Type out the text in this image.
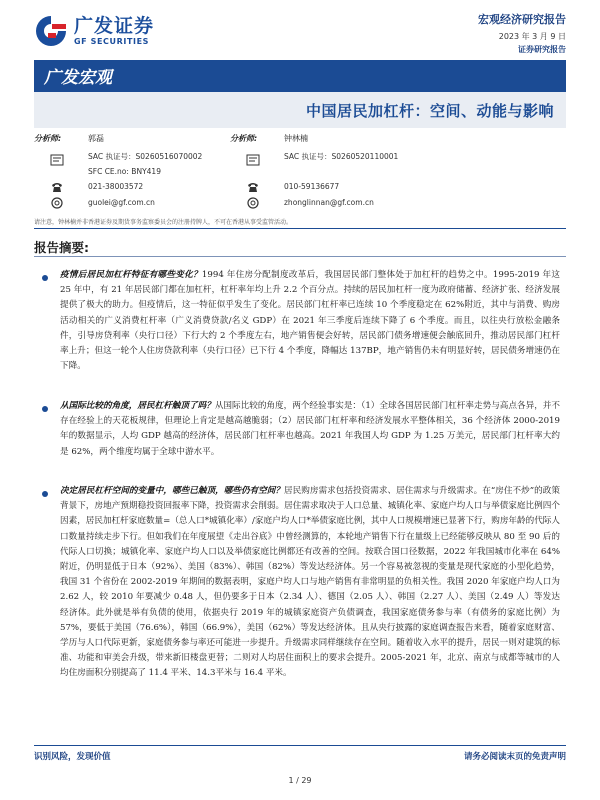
广发证券
GF SECURITIES
宏观经济研究报告
2023 年 3 月 9 日
证券研究报告
广发宏观
中国居民加杠杆：空间、动能与影响
分析师:	郭磊
SAC 执证号：S0260516070002
SFC CE.no: BNY419
021-38003572
guolei@gf.com.cn
分析师:	钟林楠
SAC 执证号：S0260520110001
010-59136677
zhonglinnan@gf.com.cn
请注意，钟林楠并非香港证券及期货事务监察委员会的注册持牌人，不可在香港从事受监管活动。
报告摘要:
疫情后居民加杠杆特征有哪些变化？1994 年住房分配制度改革后，我国居民部门整体处于加杠杆的趋势之中。1995-2019 年这 25 年中，有 21 年居民部门都在加杠杆，杠杆率年均上升 2.2 个百分点。持续的居民加杠杆一度为政府储蓄、经济扩张、经济发展提供了极大的助力。但疫情后，这一特征似乎发生了变化。居民部门杠杆率已连续 10 个季度稳定在 62%附近，其中与消费、购房活动相关的广义消费杠杆率（广义消费贷款/名义 GDP）在 2021 年三季度后连续下降了 6 个季度。而且，以往央行放松金融条件，引导房贷利率（央行口径）下行大约 2 个季度左右，地产销售便会好转，居民部门债务增速便会触底回升，推动居民部门杠杆率上升；但这一轮个人住房贷款利率（央行口径）已下行 4 个季度，降幅达 137BP，地产销售仍未有明显好转，居民债务增速仍在下降。
从国际比较的角度，居民杠杆触顶了吗？从国际比较的角度，两个经验事实是：（1）全球各国居民部门杠杆率走势与高点各异，并不存在经验上的天花板规律，但理论上肯定是越高越脆弱；（2）居民部门杠杆率和经济发展水平整体相关，36 个经济体 2000-2019 年的数据显示，人均 GDP 越高的经济体，居民部门杠杆率也越高。2021 年我国人均 GDP 为 1.25 万美元，居民部门杠杆率大约是 62%，两个维度均属于全球中游水平。
决定居民杠杆空间的变量中，哪些已触顶，哪些仍有空间？居民购房需求包括投资需求、居住需求与升级需求。在“房住不炒”的政策背景下，房地产预期稳投资回报率下降，投资需求会削弱。居住需求取决于人口总量、城镇化率、家庭户均人口与举债家庭比例四个因素，居民加杠杆家庭数量=（总人口*城镇化率）/家庭户均人口*举债家庭比例，其中人口规模增速已显著下行，购房年龄的代际人口数量持续走步下行。但如我们在年度展望《走出谷底》中曾经测算的，本轮地产销售下行在量级上已经能够反映从 80 至 90 后的代际人口切换；城镇化率、家庭户均人口以及举债家庭比例都还有改善的空间。按联合国口径数据，2022 年我国城市化率在 64%附近，仍明显低于日本（92%）、美国（83%）、韩国（82%）等发达经济体。另一个容易被忽视的变量是现代家庭的小型化趋势，我国 31 个省份在 2002-2019 年期间的数据表明，家庭户均人口与地产销售有非常明显的负相关性。我国 2020 年家庭户均人口为 2.62 人，较 2010 年要减少 0.48 人，但仍要多于日本（2.34 人）、德国（2.05 人）、韩国（2.27 人）、美国（2.49 人）等发达经济体。此外就是举有负债的使用，依据央行 2019 年的城镇家庭资产负债调查，我国家庭债务参与率（有债务的家庭比例）为 57%，要低于美国（76.6%），韩国（66.9%），美国（62%）等发达经济体。且从央行披露的家庭调查报告来看，随着家庭财富、学历与人口代际更新，家庭债务参与率还可能进一步提升。升级需求同样继续存在空间。随着收入水平的提升，居民一则对建筑的标准、功能和审美会升级，带来新旧楼盘更替；二则对人均居住面积上的要求会提升。2005-2021 年，北京、南京与成都等城市的人均住房面积分别提高了 11.4 平米、14.3平米与 16.4 平米。
识别风险，发现价值	请务必阅读末页的免责声明
1 / 29
